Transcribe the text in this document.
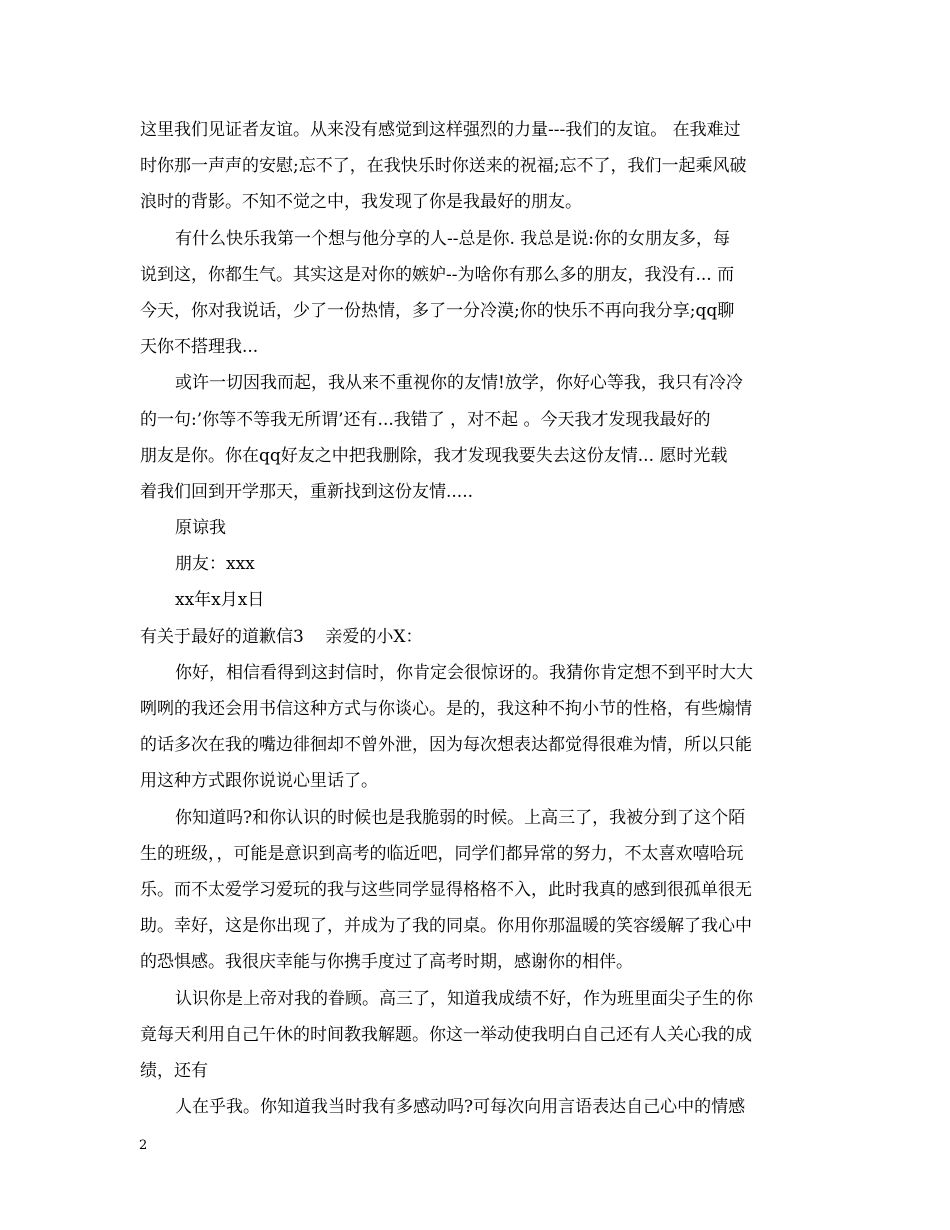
这里我们见证者友谊。从来没有感觉到这样强烈的力量---我们的友谊。 在我难过
时你那一声声的安慰;忘不了，在我快乐时你送来的祝福;忘不了，我们一起乘风破
浪时的背影。不知不觉之中，我发现了你是我最好的朋友。
有什么快乐我第一个想与他分享的人--总是你. 我总是说:你的女朋友多，每
说到这，你都生气。其实这是对你的嫉妒--为啥你有那么多的朋友，我没有... 而
今天，你对我说话，少了一份热情，多了一分冷漠;你的快乐不再向我分享;qq聊
天你不搭理我...
或许一切因我而起，我从来不重视你的友情!放学，你好心等我，我只有冷冷
的一句:’你等不等我无所谓’还有...我错了 ，对不起 。今天我才发现我最好的
朋友是你。你在qq好友之中把我删除，我才发现我要失去这份友情... 愿时光载
着我们回到开学那天，重新找到这份友情.....
原谅我
朋友：xxx
xx年x月x日
有关于最好的道歉信3    亲爱的小X：
你好，相信看得到这封信时，你肯定会很惊讶的。我猜你肯定想不到平时大大
咧咧的我还会用书信这种方式与你谈心。是的，我这种不拘小节的性格，有些煽情
的话多次在我的嘴边徘徊却不曾外泄，因为每次想表达都觉得很难为情，所以只能
用这种方式跟你说说心里话了。
你知道吗?和你认识的时候也是我脆弱的时候。上高三了，我被分到了这个陌
生的班级，，可能是意识到高考的临近吧，同学们都异常的努力，不太喜欢嘻哈玩
乐。而不太爱学习爱玩的我与这些同学显得格格不入，此时我真的感到很孤单很无
助。幸好，这是你出现了，并成为了我的同桌。你用你那温暖的笑容缓解了我心中
的恐惧感。我很庆幸能与你携手度过了高考时期，感谢你的相伴。
认识你是上帝对我的眷顾。高三了，知道我成绩不好，作为班里面尖子生的你
竟每天利用自己午休的时间教我解题。你这一举动使我明白自己还有人关心我的成
绩，还有
人在乎我。你知道我当时我有多感动吗?可每次向用言语表达自己心中的情感
2
